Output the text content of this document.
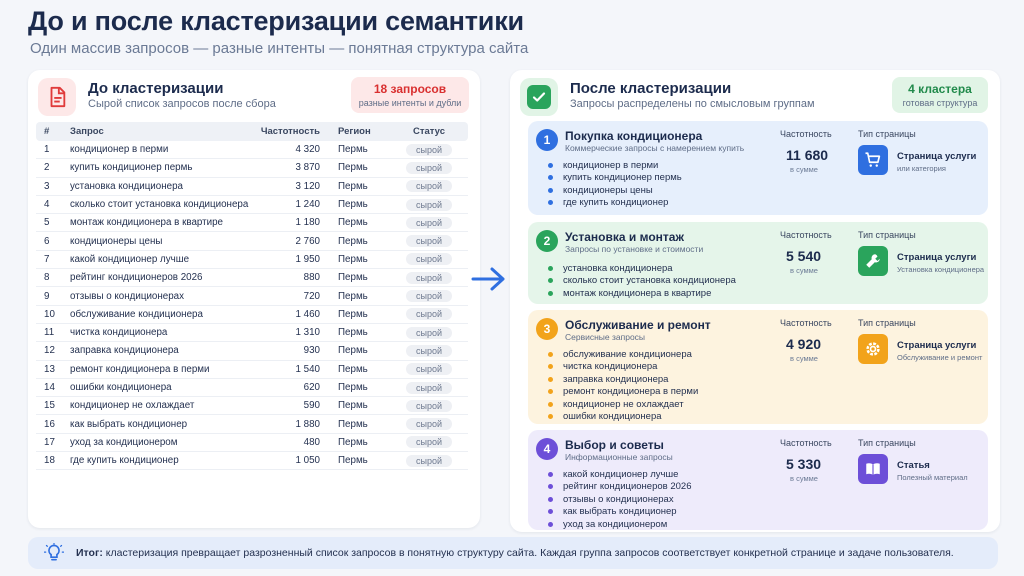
До и после кластеризации семантики
Один массив запросов — разные интенты — понятная структура сайта
До кластеризации
Сырой список запросов после сбора
18 запросов
разные интенты и дубли
#	Запрос	Частотность	Регион	Статус
1	кондиционер в перми	4 320	Пермь	сырой
2	купить кондиционер пермь	3 870	Пермь	сырой
3	установка кондиционера	3 120	Пермь	сырой
4	сколько стоит установка кондиционера	1 240	Пермь	сырой
5	монтаж кондиционера в квартире	1 180	Пермь	сырой
6	кондиционеры цены	2 760	Пермь	сырой
7	какой кондиционер лучше	1 950	Пермь	сырой
8	рейтинг кондиционеров 2026	880	Пермь	сырой
9	отзывы о кондиционерах	720	Пермь	сырой
10	обслуживание кондиционера	1 460	Пермь	сырой
11	чистка кондиционера	1 310	Пермь	сырой
12	заправка кондиционера	930	Пермь	сырой
13	ремонт кондиционера в перми	1 540	Пермь	сырой
14	ошибки кондиционера	620	Пермь	сырой
15	кондиционер не охлаждает	590	Пермь	сырой
16	как выбрать кондиционер	1 880	Пермь	сырой
17	уход за кондиционером	480	Пермь	сырой
18	где купить кондиционер	1 050	Пермь	сырой
После кластеризации
Запросы распределены по смысловым группам
4 кластера
готовая структура
1	Покупка кондиционера
Коммерческие запросы с намерением купить
кондиционер в перми
купить кондиционер пермь
кондиционеры цены
где купить кондиционер
Частотность
11 680
в сумме
Тип страницы
Страница услуги
или категория
2	Установка и монтаж
Запросы по установке и стоимости
установка кондиционера
сколько стоит установка кондиционера
монтаж кондиционера в квартире
Частотность
5 540
в сумме
Тип страницы
Страница услуги
Установка кондиционера
3	Обслуживание и ремонт
Сервисные запросы
обслуживание кондиционера
чистка кондиционера
заправка кондиционера
ремонт кондиционера в перми
кондиционер не охлаждает
ошибки кондиционера
Частотность
4 920
в сумме
Тип страницы
Страница услуги
Обслуживание и ремонт
4	Выбор и советы
Информационные запросы
какой кондиционер лучше
рейтинг кондиционеров 2026
отзывы о кондиционерах
как выбрать кондиционер
уход за кондиционером
Частотность
5 330
в сумме
Тип страницы
Статья
Полезный материал
Итог: кластеризация превращает разрозненный список запросов в понятную структуру сайта. Каждая группа запросов соответствует конкретной странице и задаче пользователя.
